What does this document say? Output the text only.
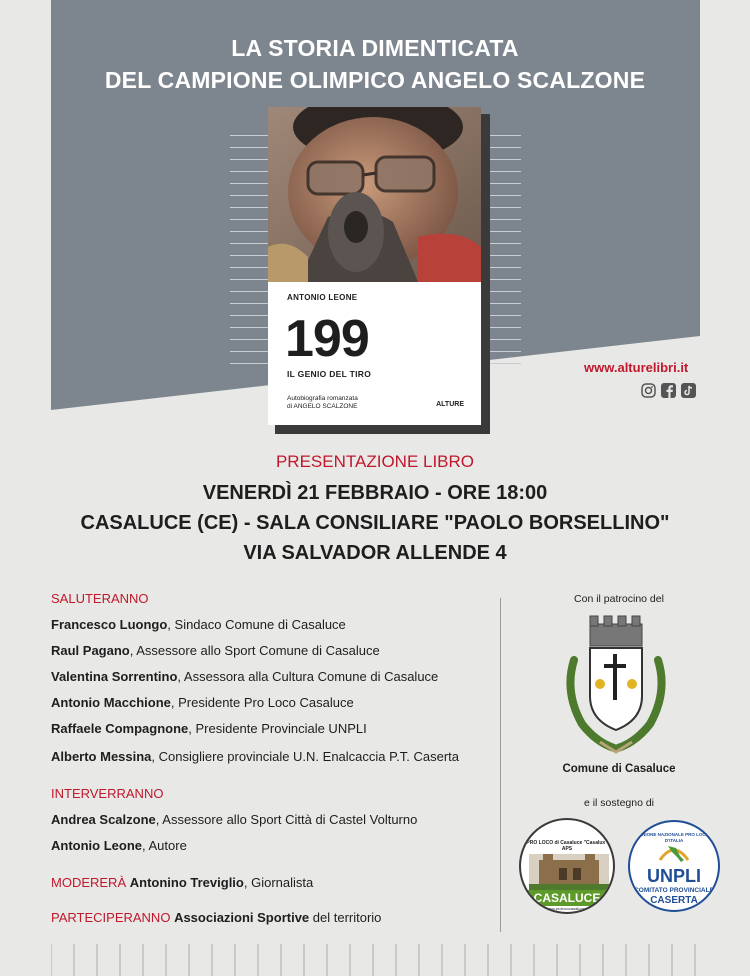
LA STORIA DIMENTICATA
DEL CAMPIONE OLIMPICO ANGELO SCALZONE
ANTONIO LEONE
199
IL GENIO DEL TIRO
Autobiografia romanzata
di ANGELO SCALZONE	ALTURE
www.alturelibri.it
PRESENTAZIONE LIBRO
VENERDÌ 21 FEBBRAIO - ORE 18:00
CASALUCE (CE) - SALA CONSILIARE "PAOLO BORSELLINO"
VIA SALVADOR ALLENDE 4
SALUTERANNO
Francesco Luongo, Sindaco Comune di Casaluce
Raul Pagano, Assessore allo Sport Comune di Casaluce
Valentina Sorrentino, Assessora alla Cultura Comune di Casaluce
Antonio Macchione, Presidente Pro Loco Casaluce
Raffaele Compagnone, Presidente Provinciale UNPLI
Alberto Messina, Consigliere provinciale U.N. Enalcaccia P.T. Caserta
INTERVERRANNO
Andrea Scalzone, Assessore allo Sport Città di Castel Volturno
Antonio Leone, Autore
MODERERÀ Antonino Treviglio, Giornalista
PARTECIPERANNO Associazioni Sportive del territorio
Con il patrocino del
Comune di Casaluce
e il sostegno di
PRO LOCO di Casaluce "Casalux" APS
CASALUCE
www.prolococasaluce.it
UNIONE NAZIONALE PRO LOCO D'ITALIA
UNPLI
COMITATO PROVINCIALE
CASERTA
